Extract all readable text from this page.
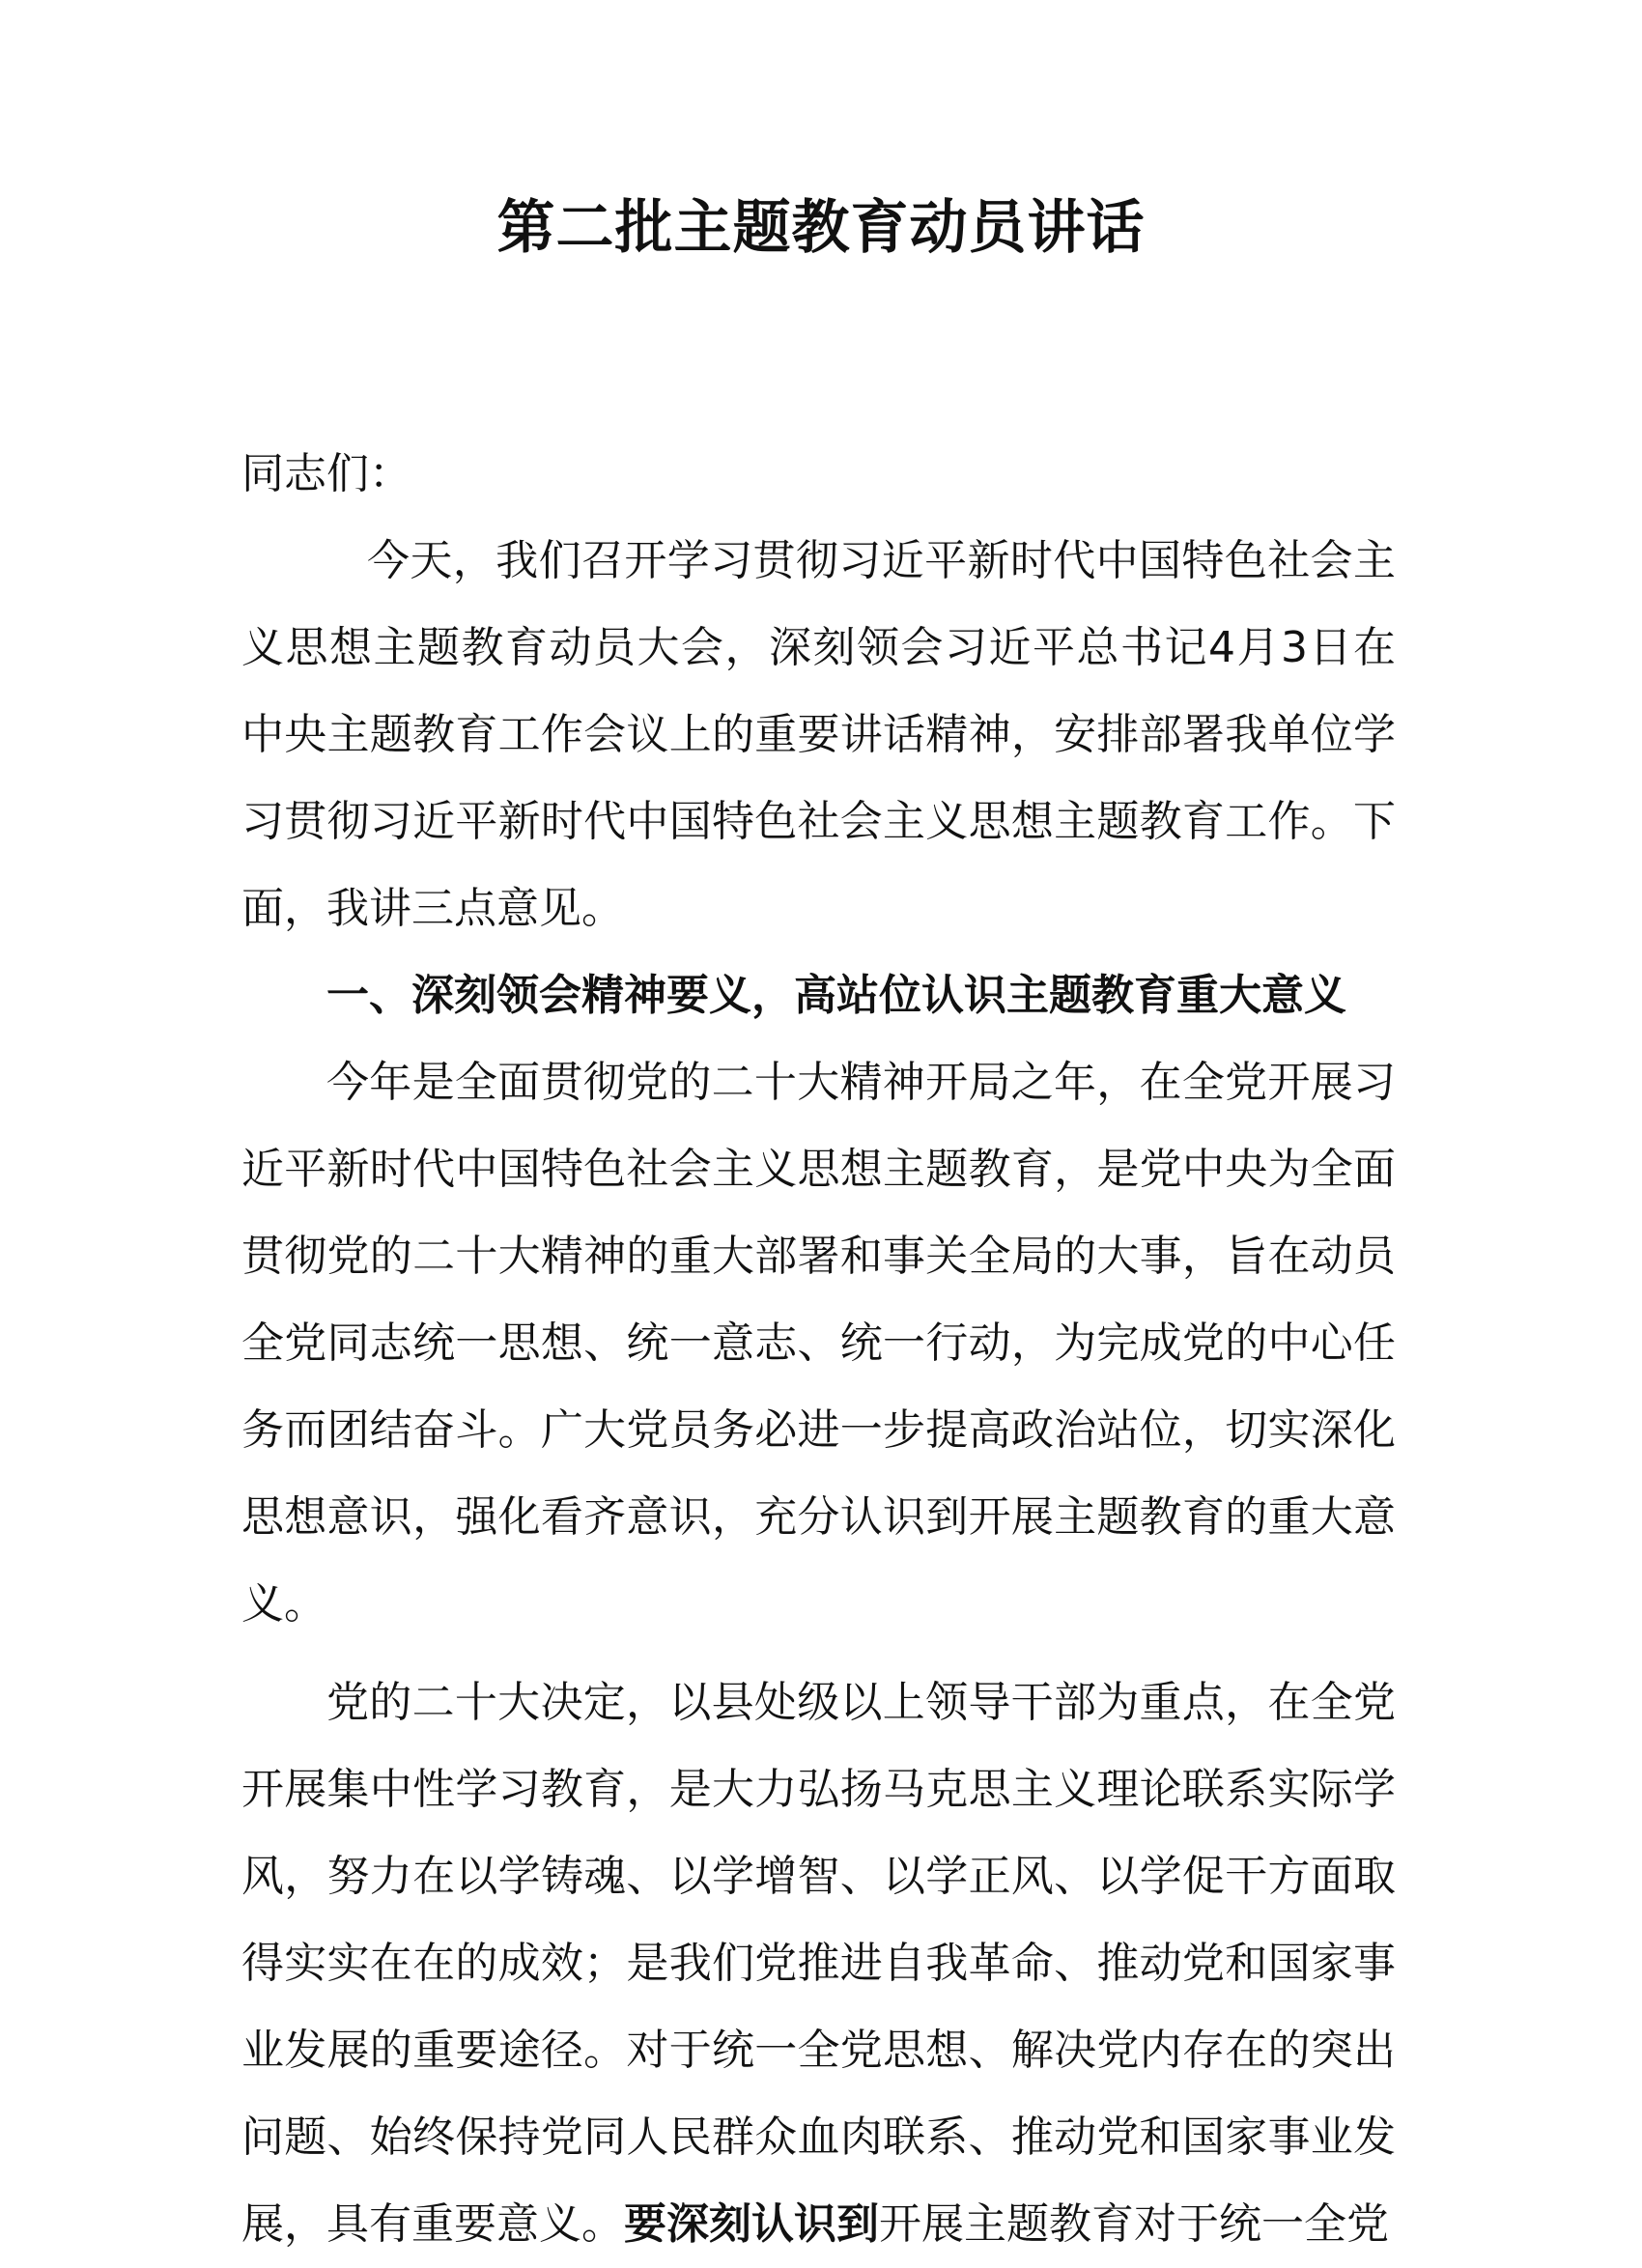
第二批主题教育动员讲话

同志们：

今天，我们召开学习贯彻习近平新时代中国特色社会主义思想主题教育动员大会，深刻领会习近平总书记4月3日在中央主题教育工作会议上的重要讲话精神，安排部署我单位学习贯彻习近平新时代中国特色社会主义思想主题教育工作。下面，我讲三点意见。

一、深刻领会精神要义，高站位认识主题教育重大意义

今年是全面贯彻党的二十大精神开局之年，在全党开展习近平新时代中国特色社会主义思想主题教育，是党中央为全面贯彻党的二十大精神的重大部署和事关全局的大事，旨在动员全党同志统一思想、统一意志、统一行动，为完成党的中心任务而团结奋斗。广大党员务必进一步提高政治站位，切实深化思想意识，强化看齐意识，充分认识到开展主题教育的重大意义。

党的二十大决定，以县处级以上领导干部为重点，在全党开展集中性学习教育，是大力弘扬马克思主义理论联系实际学风，努力在以学铸魂、以学增智、以学正风、以学促干方面取得实实在在的成效；是我们党推进自我革命、推动党和国家事业发展的重要途径。对于统一全党思想、解决党内存在的突出问题、始终保持党同人民群众血肉联系、推动党和国家事业发展，具有重要意义。要深刻认识到开展主题教育对于统一全党
